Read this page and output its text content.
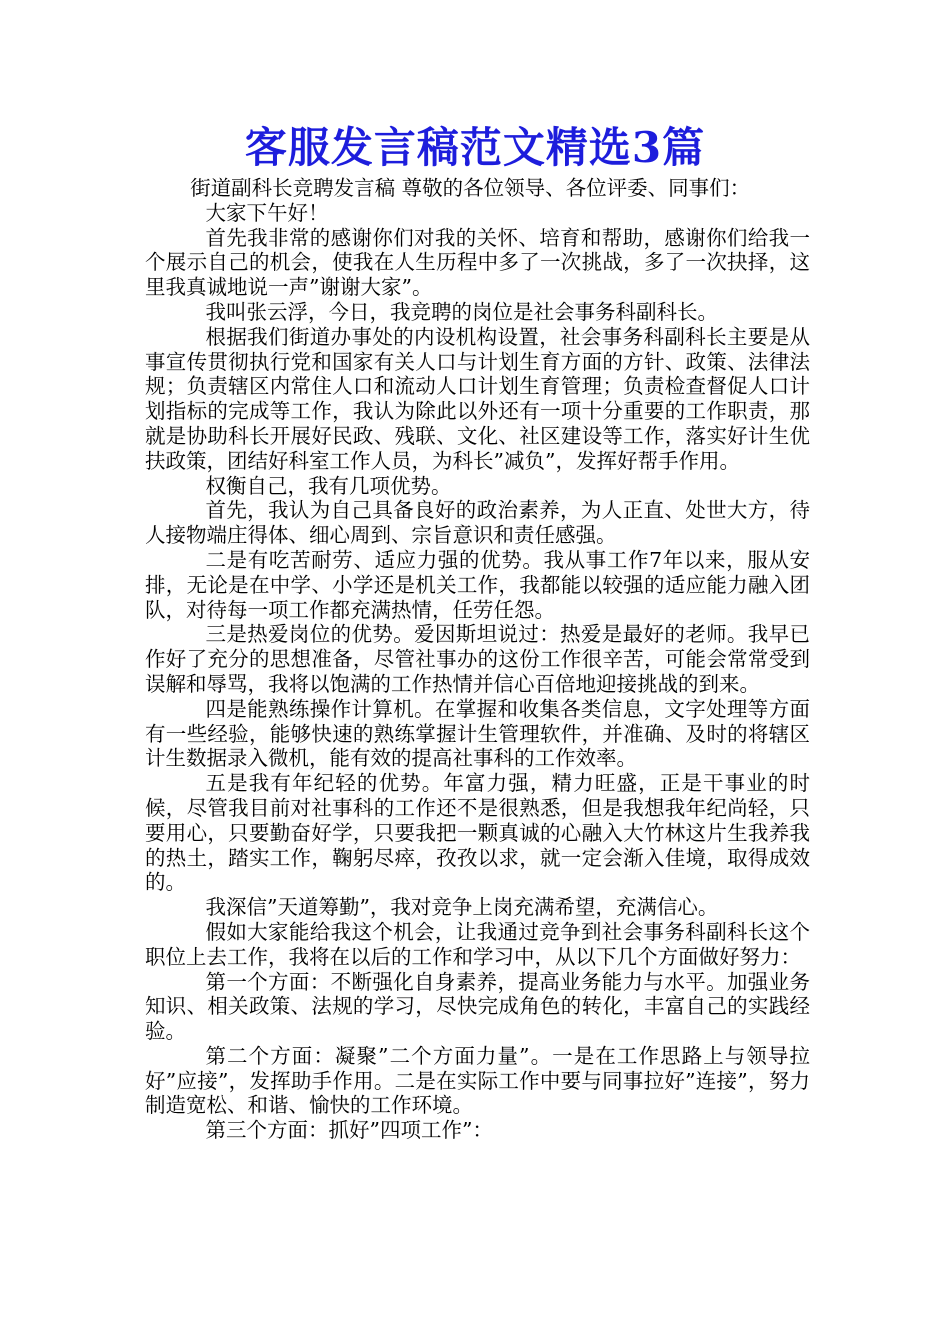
客服发言稿范文精选3篇

街道副科长竞聘发言稿 尊敬的各位领导、各位评委、同事们：

大家下午好！

首先我非常的感谢你们对我的关怀、培育和帮助，感谢你们给我一个展示自己的机会，使我在人生历程中多了一次挑战，多了一次抉择，这里我真诚地说一声”谢谢大家”。

我叫张云浮，今日，我竞聘的岗位是社会事务科副科长。

根据我们街道办事处的内设机构设置，社会事务科副科长主要是从事宣传贯彻执行党和国家有关人口与计划生育方面的方针、政策、法律法规；负责辖区内常住人口和流动人口计划生育管理；负责检查督促人口计划指标的完成等工作，我认为除此以外还有一项十分重要的工作职责，那就是协助科长开展好民政、残联、文化、社区建设等工作，落实好计生优扶政策，团结好科室工作人员，为科长”减负”，发挥好帮手作用。

权衡自己，我有几项优势。

首先，我认为自己具备良好的政治素养，为人正直、处世大方，待人接物端庄得体、细心周到、宗旨意识和责任感强。

二是有吃苦耐劳、适应力强的优势。我从事工作7年以来，服从安排，无论是在中学、小学还是机关工作，我都能以较强的适应能力融入团队，对待每一项工作都充满热情，任劳任怨。

三是热爱岗位的优势。爱因斯坦说过：热爱是最好的老师。我早已作好了充分的思想准备，尽管社事办的这份工作很辛苦，可能会常常受到误解和辱骂，我将以饱满的工作热情并信心百倍地迎接挑战的到来。

四是能熟练操作计算机。在掌握和收集各类信息，文字处理等方面有一些经验，能够快速的熟练掌握计生管理软件，并准确、及时的将辖区计生数据录入微机，能有效的提高社事科的工作效率。

五是我有年纪轻的优势。年富力强，精力旺盛，正是干事业的时候，尽管我目前对社事科的工作还不是很熟悉，但是我想我年纪尚轻，只要用心，只要勤奋好学，只要我把一颗真诚的心融入大竹林这片生我养我的热土，踏实工作，鞠躬尽瘁，孜孜以求，就一定会渐入佳境，取得成效的。

我深信”天道筹勤”，我对竞争上岗充满希望，充满信心。

假如大家能给我这个机会，让我通过竞争到社会事务科副科长这个职位上去工作，我将在以后的工作和学习中，从以下几个方面做好努力：

第一个方面：不断强化自身素养，提高业务能力与水平。加强业务知识、相关政策、法规的学习，尽快完成角色的转化，丰富自己的实践经验。

第二个方面：凝聚”二个方面力量”。一是在工作思路上与领导拉好”应接”，发挥助手作用。二是在实际工作中要与同事拉好”连接”，努力制造宽松、和谐、愉快的工作环境。

第三个方面：抓好”四项工作”：
